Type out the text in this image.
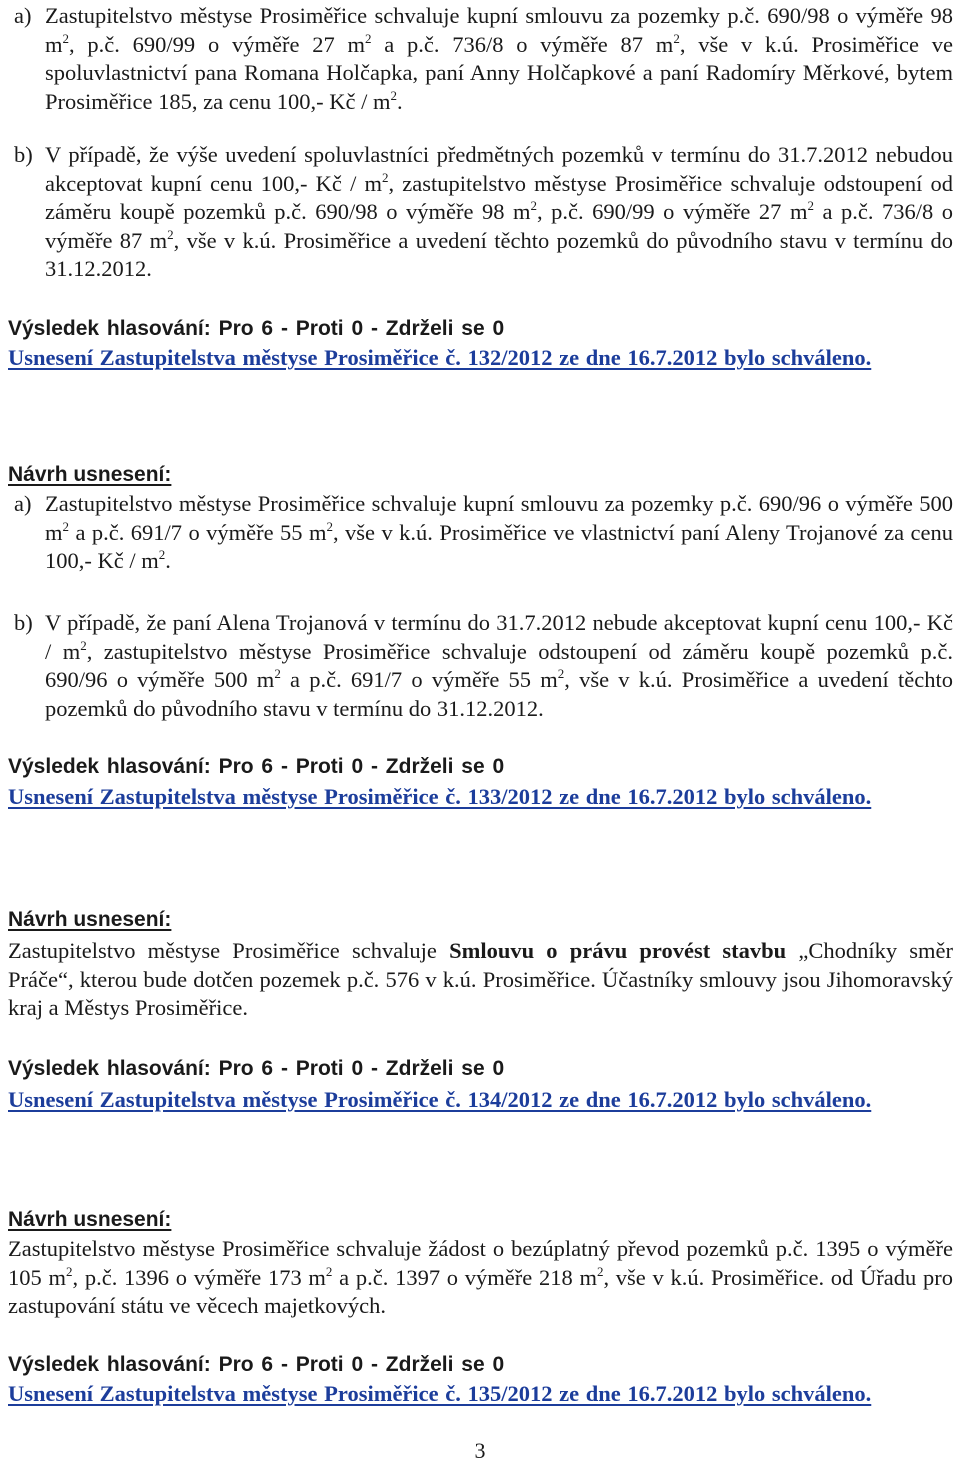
a) Zastupitelstvo městyse Prosiměřice schvaluje kupní smlouvu za pozemky p.č. 690/98 o výměře 98 $m^2$, p.č. 690/99 o výměře 27 $m^2$ a p.č. 736/8 o výměře 87 $m^2$, vše v k.ú. Prosiměřice ve spoluvlastnictví pana Romana Holčapka, paní Anny Holčapkové a paní Radomíry Měrkové, bytem Prosiměřice 185, za cenu 100,- Kč / $m^2$.
b) V případě, že výše uvedení spoluvlastníci předmětných pozemků v termínu do 31.7.2012 nebudou akceptovat kupní cenu 100,- Kč / $m^2$, zastupitelstvo městyse Prosiměřice schvaluje odstoupení od záměru koupě pozemků p.č. 690/98 o výměře 98 $m^2$, p.č. 690/99 o výměře 27 $m^2$ a p.č. 736/8 o výměře 87 $m^2$, vše v k.ú. Prosiměřice a uvedení těchto pozemků do původního stavu v termínu do 31.12.2012.
Výsledek hlasování: Pro 6 - Proti 0 - Zdrželi se 0
Usnesení Zastupitelstva městyse Prosiměřice č. 132/2012 ze dne 16.7.2012 bylo schváleno.
Návrh usnesení:
a) Zastupitelstvo městyse Prosiměřice schvaluje kupní smlouvu za pozemky p.č. 690/96 o výměře 500 $m^2$ a p.č. 691/7 o výměře 55 $m^2$, vše v k.ú. Prosiměřice ve vlastnictví paní Aleny Trojanové za cenu 100,- Kč / $m^2$.
b) V případě, že paní Alena Trojanová v termínu do 31.7.2012 nebude akceptovat kupní cenu 100,- Kč / $m^2$, zastupitelstvo městyse Prosiměřice schvaluje odstoupení od záměru koupě pozemků p.č. 690/96 o výměře 500 $m^2$ a p.č. 691/7 o výměře 55 $m^2$, vše v k.ú. Prosiměřice a uvedení těchto pozemků do původního stavu v termínu do 31.12.2012.
Výsledek hlasování: Pro 6 - Proti 0 - Zdrželi se 0
Usnesení Zastupitelstva městyse Prosiměřice č. 133/2012 ze dne 16.7.2012 bylo schváleno.
Návrh usnesení:
Zastupitelstvo městyse Prosiměřice schvaluje Smlouvu o právu provést stavbu „Chodníky směr Práče“, kterou bude dotčen pozemek p.č. 576 v k.ú. Prosiměřice. Účastníky smlouvy jsou Jihomoravský kraj a Městys Prosiměřice.
Výsledek hlasování: Pro 6 - Proti 0 - Zdrželi se 0
Usnesení Zastupitelstva městyse Prosiměřice č. 134/2012 ze dne 16.7.2012 bylo schváleno.
Návrh usnesení:
Zastupitelstvo městyse Prosiměřice schvaluje žádost o bezúplatný převod pozemků p.č. 1395 o výměře 105 $m^2$, p.č. 1396 o výměře 173 $m^2$ a p.č. 1397 o výměře 218 $m^2$, vše v k.ú. Prosiměřice. od Úřadu pro zastupování státu ve věcech majetkových.
Výsledek hlasování: Pro 6 - Proti 0 - Zdrželi se 0
Usnesení Zastupitelstva městyse Prosiměřice č. 135/2012 ze dne 16.7.2012 bylo schváleno.
3
